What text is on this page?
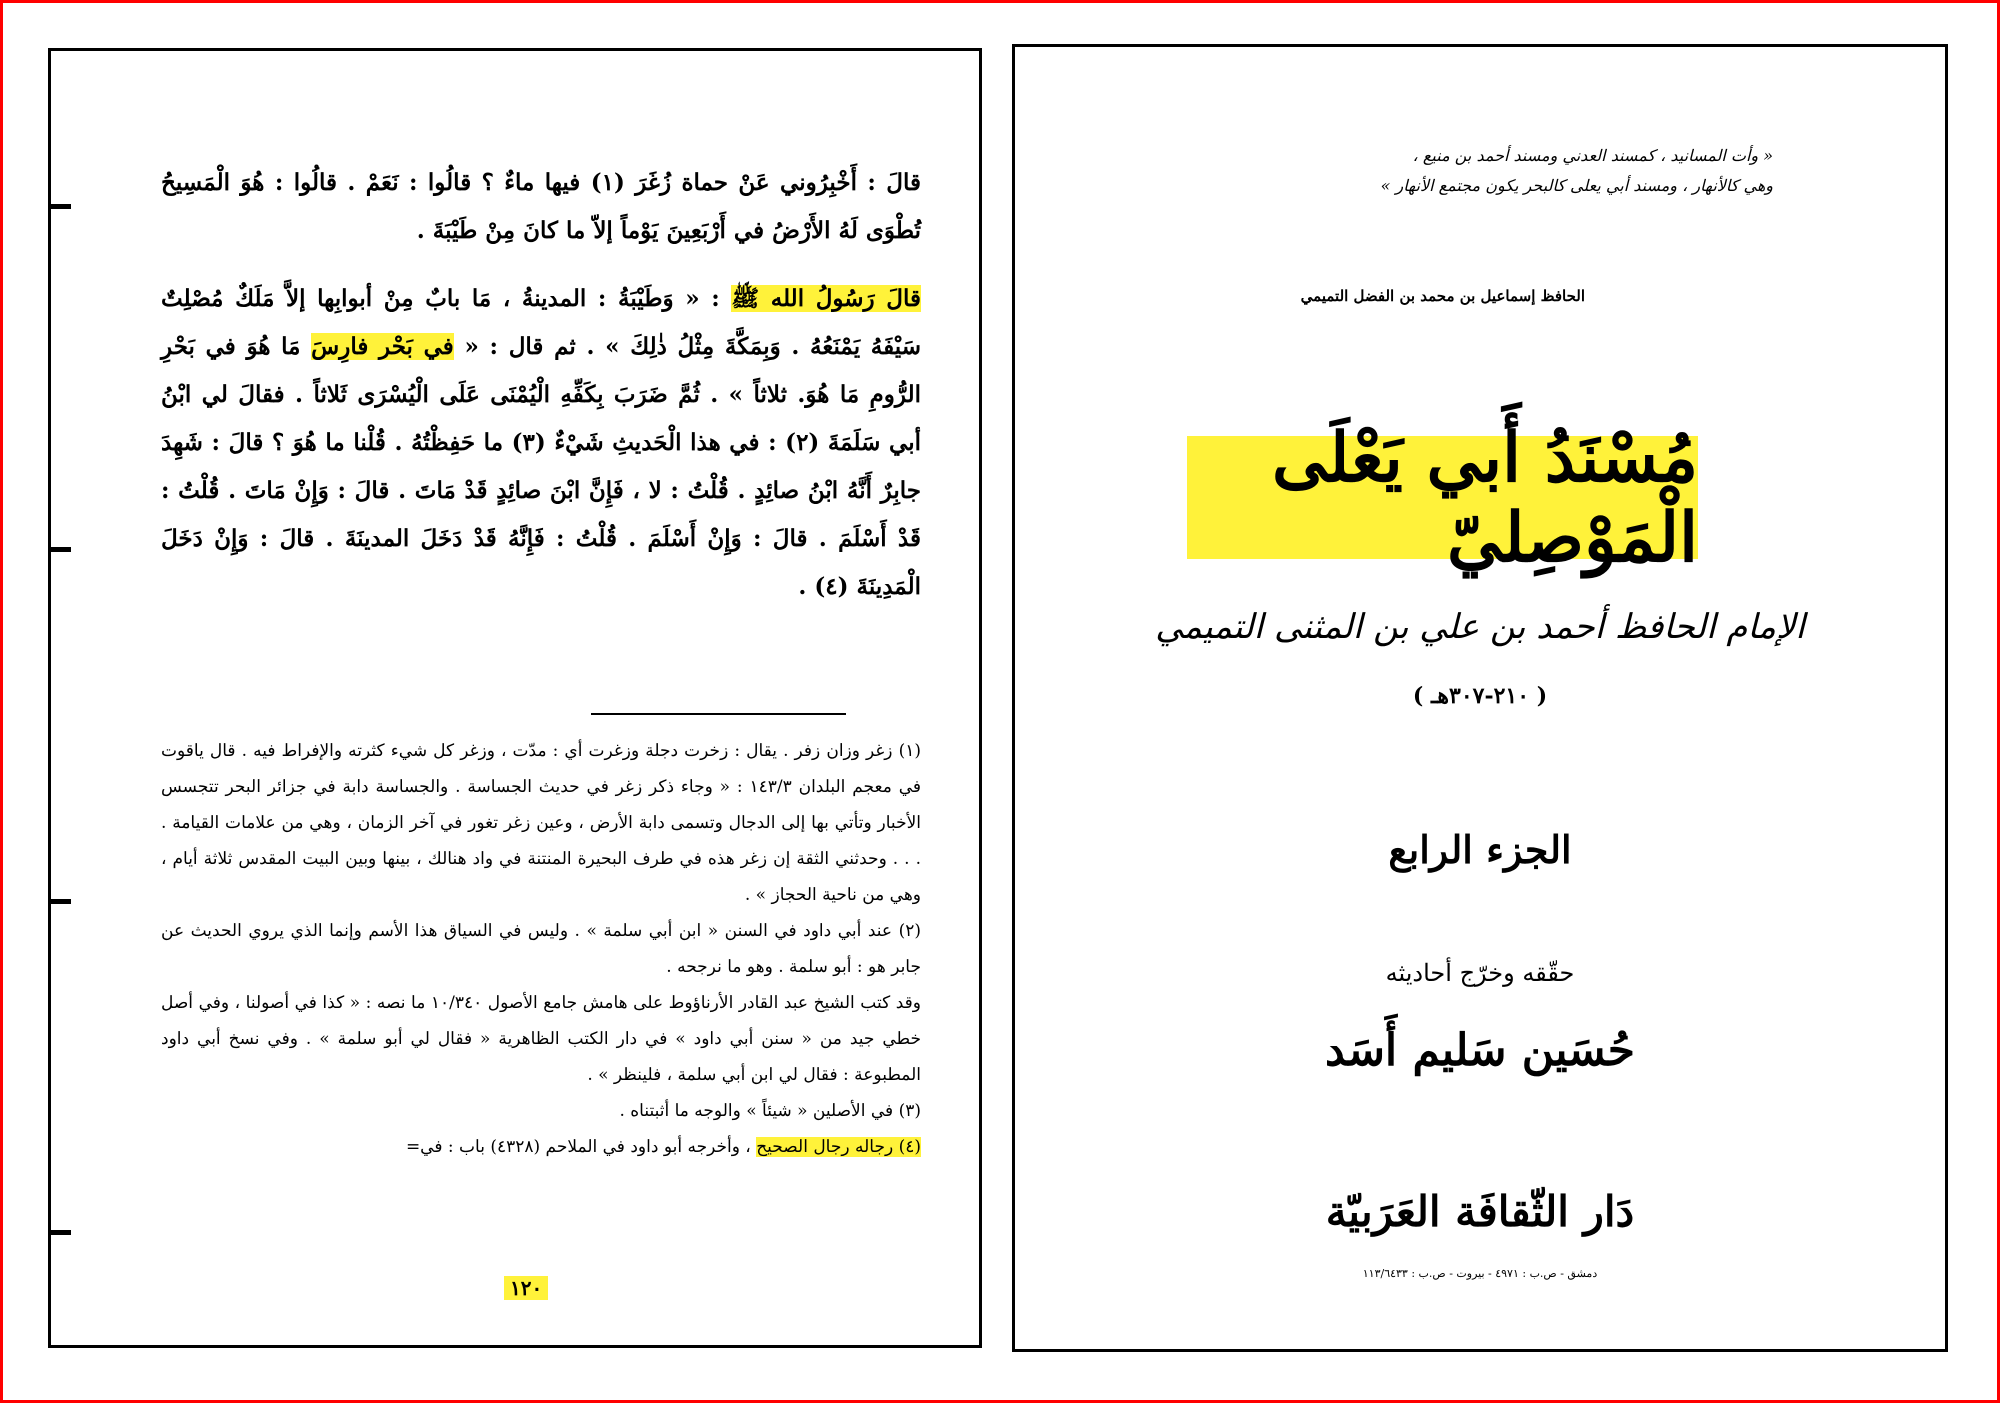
قالَ : أَخْبِرُوني عَنْ حماة زُغَرَ (١) فيها ماءٌ ؟ قالُوا : نَعَمْ . قالُوا : هُوَ الْمَسِيحُ تُطْوَى لَهُ الأَرْضُ في أَرْبَعِينَ يَوْماً إلاّ ما كانَ مِنْ طَيْبَةَ .

قالَ رَسُولُ الله ﷺ : « وَطَيْبَةُ : المدينةُ ، مَا بابٌ مِنْ أبوابِها إلاَّ مَلَكٌ مُصْلِتٌ سَيْفَهُ يَمْنَعُهُ . وَبِمَكَّةَ مِثْلُ ذٰلِكَ » . ثم قال : « في بَحْر فارِسَ مَا هُوَ في بَحْرِ الرُّومِ مَا هُوَ. ثلاثاً » . ثُمَّ ضَرَبَ بِكَفِّهِ الْيُمْنَى عَلَى الْيُسْرَى ثَلاثاً . فقالَ لي ابْنُ أبي سَلَمَةَ (٢) : في هذا الْحَديثِ شَيْءٌ (٣) ما حَفِظْتُهُ . قُلْنا ما هُوَ ؟ قالَ : شَهِدَ جابِرٌ أَنَّهُ ابْنُ صائِدٍ . قُلْتُ : لا ، فَإِنَّ ابْنَ صائِدٍ قَدْ مَاتَ . قالَ : وَإِنْ مَاتَ . قُلْتُ : قَدْ أَسْلَمَ . قالَ : وَإِنْ أَسْلَمَ . قُلْتُ : فَإِنَّهُ قَدْ دَخَلَ المدينَةَ . قالَ : وَإِنْ دَخَلَ الْمَدِينَةَ (٤) .

(١) زغر وزان زفر . يقال : زخرت دجلة وزغرت أي : مدّت ، وزغر كل شيء كثرته والإفراط فيه . قال ياقوت في معجم البلدان ١٤٣/٣ : « وجاء ذكر زغر في حديث الجساسة . والجساسة دابة في جزائر البحر تتجسس الأخبار وتأتي بها إلى الدجال وتسمى دابة الأرض ، وعين زغر تغور في آخر الزمان ، وهي من علامات القيامة . . . . وحدثني الثقة إن زغر هذه في طرف البحيرة المنتنة في واد هنالك ، بينها وبين البيت المقدس ثلاثة أيام ، وهي من ناحية الحجاز » .

(٢) عند أبي داود في السنن « ابن أبي سلمة » . وليس في السياق هذا الأسم وإنما الذي يروي الحديث عن جابر هو : أبو سلمة . وهو ما نرجحه .

وقد كتب الشيخ عبد القادر الأرناؤوط على هامش جامع الأصول ١٠/٣٤٠ ما نصه : « كذا في أصولنا ، وفي أصل خطي جيد من « سنن أبي داود » في دار الكتب الظاهرية « فقال لي أبو سلمة » . وفي نسخ أبي داود المطبوعة : فقال لي ابن أبي سلمة ، فلينظر » .

(٣) في الأصلين « شيئاً » والوجه ما أثبتناه .

(٤) رجاله رجال الصحيح ، وأخرجه أبو داود في الملاحم (٤٣٢٨) باب : في=

١٢٠

« وأت المسانيد ، كمسند العدني ومسند أحمد بن منيع ،

وهي كالأنهار ، ومسند أبي يعلى كالبحر يكون مجتمع الأنهار »

الحافظ إسماعيل بن محمد بن الفضل التميمي
مُسْنَدُ أَبي يَعْلَى الْمَوْصِليّ
الإمام الحافظ أحمد بن علي بن المثنى التميمي
( ٢١٠-٣٠٧هـ )
الجزء الرابع
حقّقه وخرّج أحاديثه
حُسَين سَليم أَسَد
دَار الثّقافَة العَرَبيّة
دمشق - ص.ب : ٤٩٧١ - بيروت - ص.ب : ١١٣/٦٤٣٣
